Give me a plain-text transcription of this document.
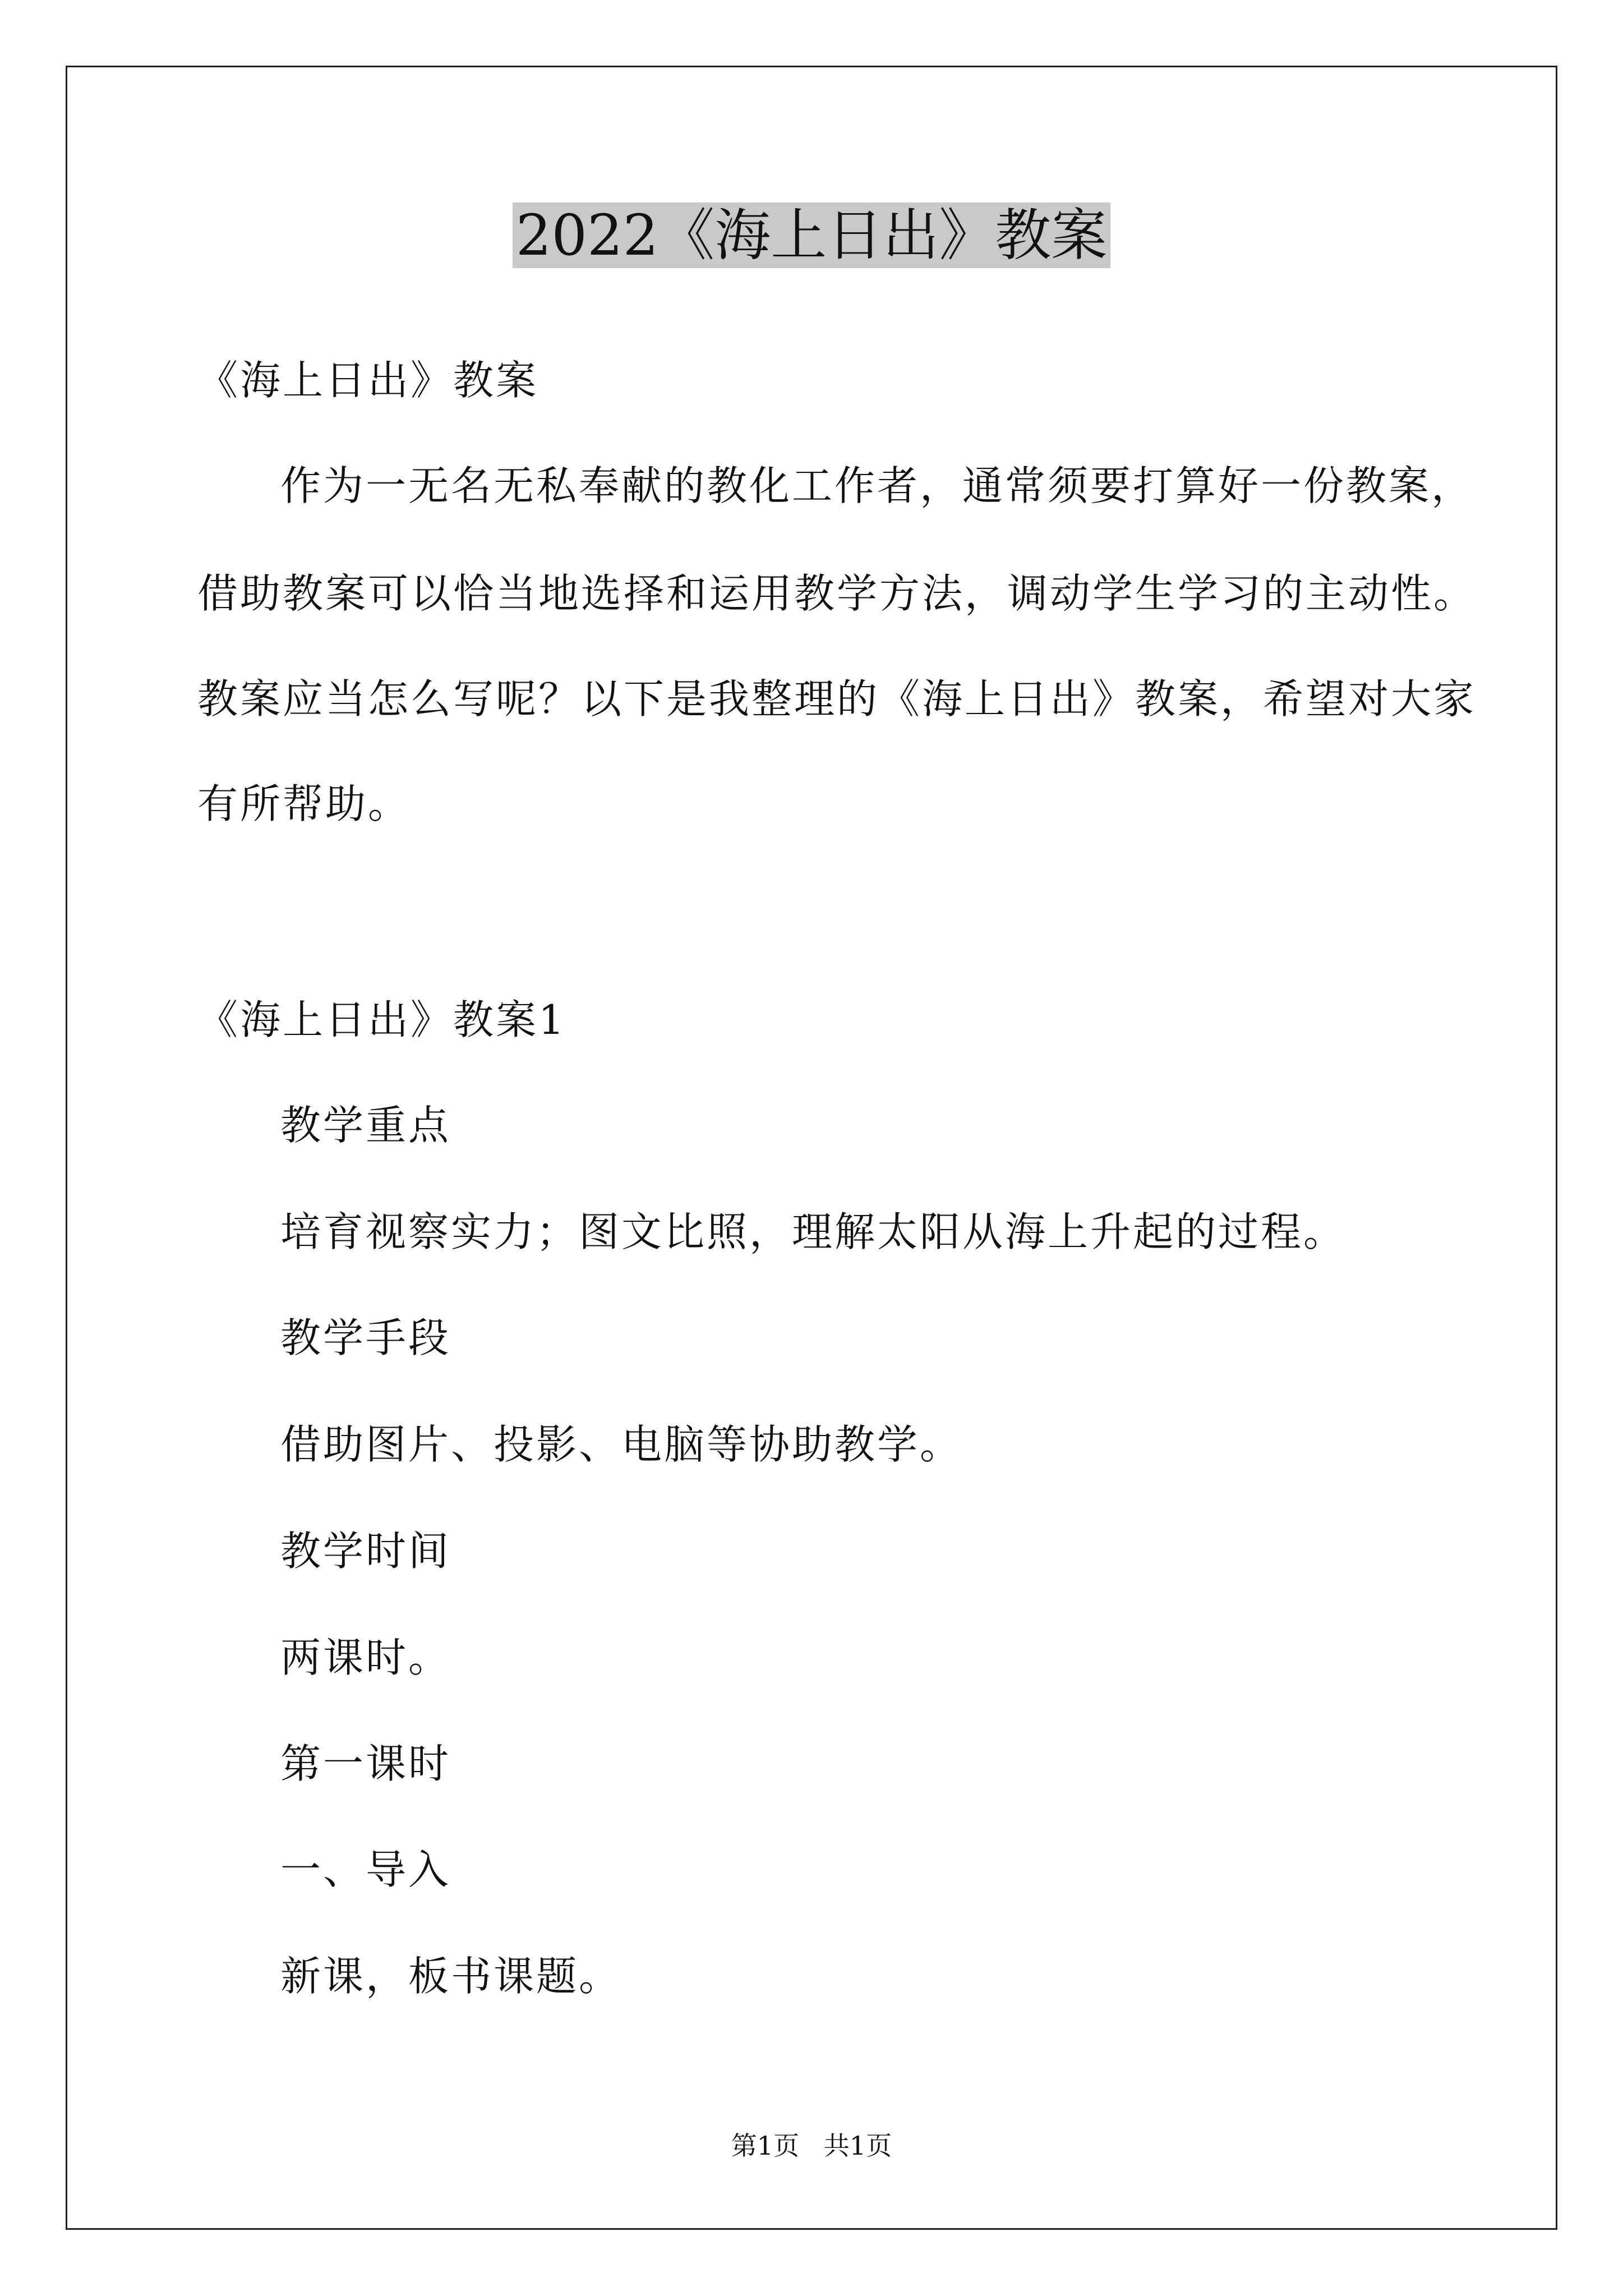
2022《海上日出》教案
《海上日出》教案
作为一无名无私奉献的教化工作者，通常须要打算好一份教案，
借助教案可以恰当地选择和运用教学方法，调动学生学习的主动性。
教案应当怎么写呢？以下是我整理的《海上日出》教案，希望对大家
有所帮助。
《海上日出》教案1
教学重点
培育视察实力；图文比照，理解太阳从海上升起的过程。
教学手段
借助图片、投影、电脑等协助教学。
教学时间
两课时。
第一课时
一、导入
新课，板书课题。
第1页   共1页
